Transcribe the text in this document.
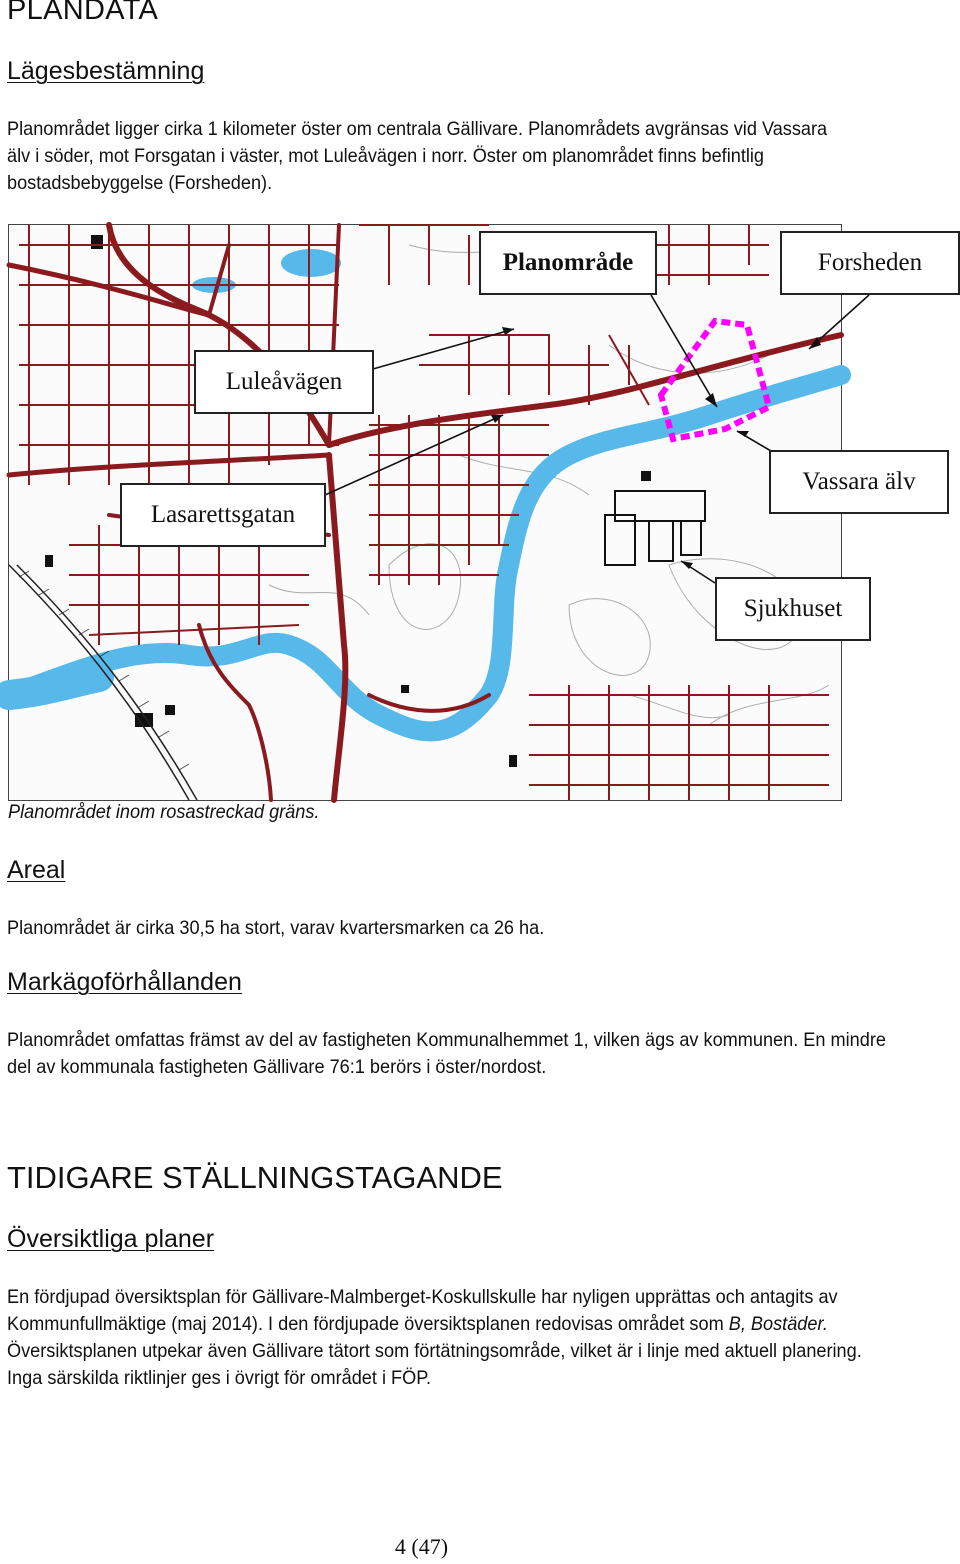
PLANDATA
Lägesbestämning
Planområdet ligger cirka 1 kilometer öster om centrala Gällivare. Planområdets avgränsas vid Vassara älv i söder, mot Forsgatan i väster, mot Luleåvägen i norr. Öster om planområdet finns befintlig bostadsbebyggelse (Forsheden).
Planområde	Forsheden
Luleåvägen
Lasarettsgatan
Vassara älv
Sjukhuset
Planområdet inom rosastreckad gräns.
Areal
Planområdet är cirka 30,5 ha stort, varav kvartersmarken ca 26 ha.
Markägoförhållanden
Planområdet omfattas främst av del av fastigheten Kommunalhemmet 1, vilken ägs av kommunen. En mindre del av kommunala fastigheten Gällivare 76:1 berörs i öster/nordost.
TIDIGARE STÄLLNINGSTAGANDE
Översiktliga planer
En fördjupad översiktsplan för Gällivare-Malmberget-Koskullskulle har nyligen upprättas och antagits av Kommunfullmäktige (maj 2014). I den fördjupade översiktsplanen redovisas området som B, Bostäder. Översiktsplanen utpekar även Gällivare tätort som förtätningsområde, vilket är i linje med aktuell planering. Inga särskilda riktlinjer ges i övrigt för området i FÖP.
4 (47)
